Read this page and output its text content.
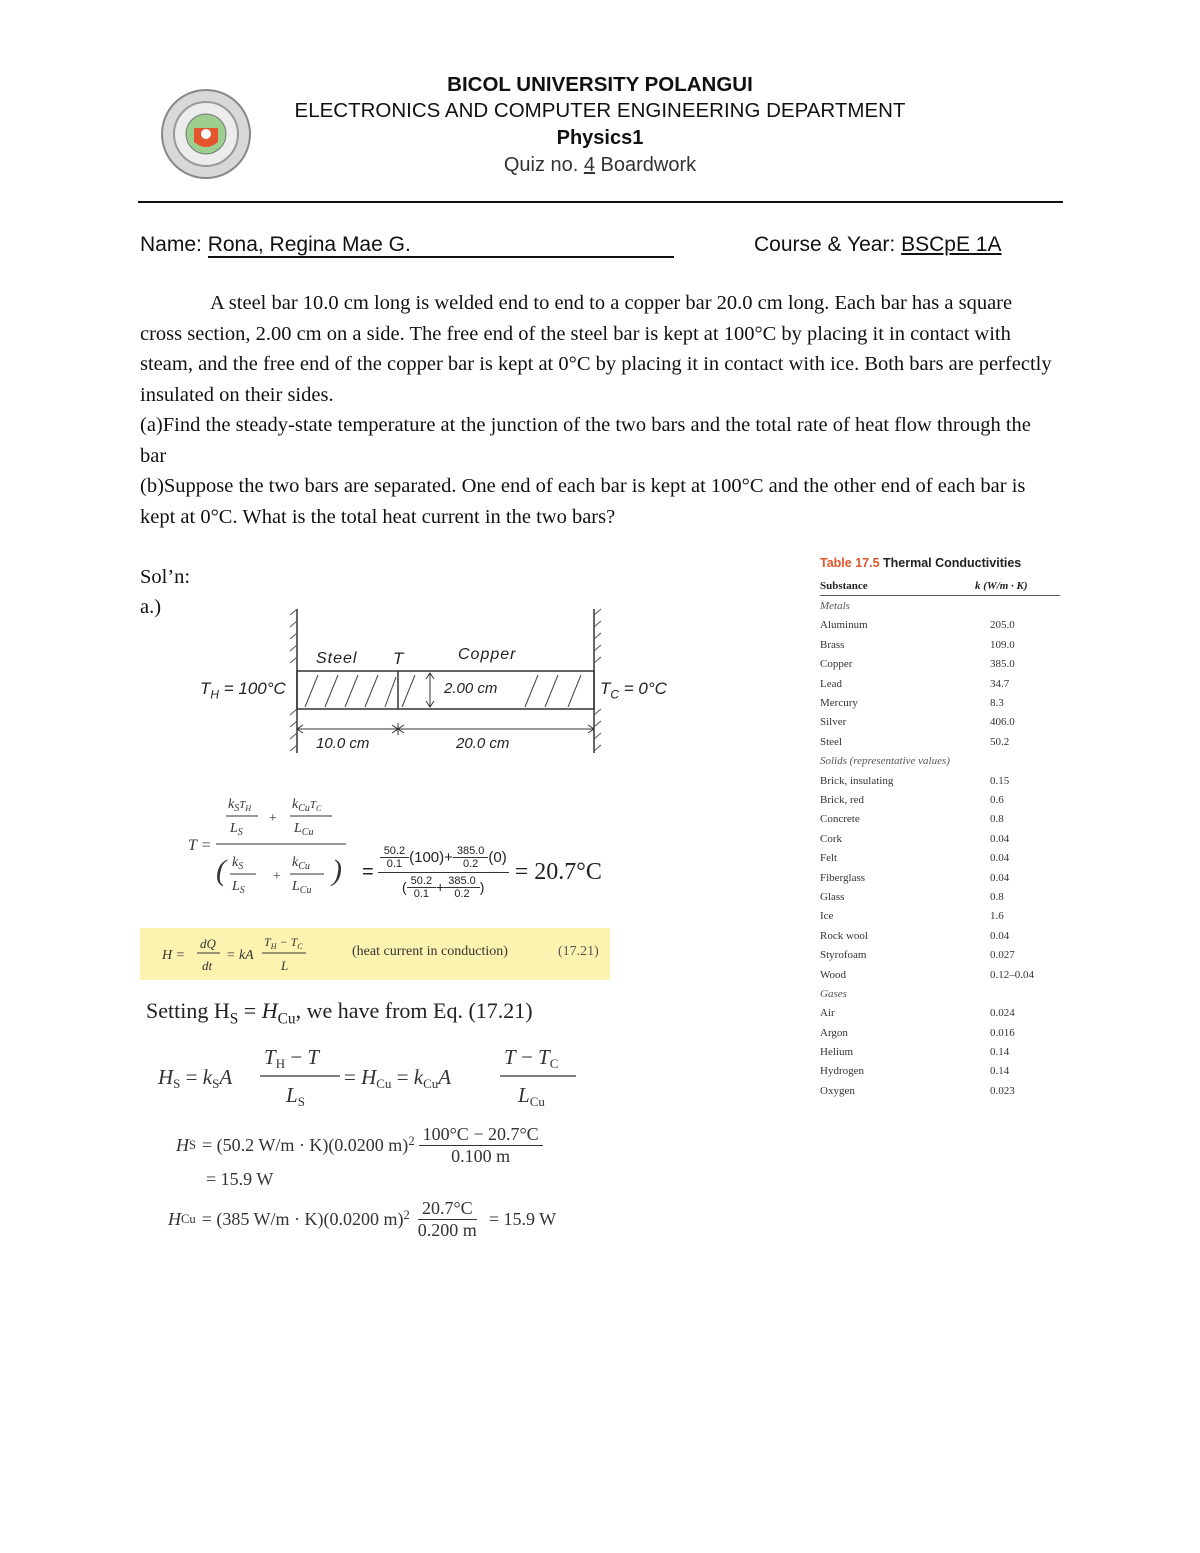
BICOL UNIVERSITY POLANGUI
ELECTRONICS AND COMPUTER ENGINEERING DEPARTMENT
Physics1
Quiz no. 4 Boardwork
Name: Rona, Regina Mae G.	Course & Year: BSCpE 1A
A steel bar 10.0 cm long is welded end to end to a copper bar 20.0 cm long. Each bar has a square cross section, 2.00 cm on a side. The free end of the steel bar is kept at 100°C by placing it in contact with steam, and the free end of the copper bar is kept at 0°C by placing it in contact with ice. Both bars are perfectly insulated on their sides.
(a)Find the steady-state temperature at the junction of the two bars and the total rate of heat flow through the bar
(b)Suppose the two bars are separated. One end of each bar is kept at 100°C and the other end of each bar is kept at 0°C. What is the total heat current in the two bars?
Sol’n:
a.)
Steel T	Copper
$T_H = 100^\circ C$	$T_C = 0^\circ C$
2.00 cm
10.0 cm	20.0 cm
T =
$k_S^T_H$
$L_S$
+
$k_{Cu}^T_C$
$L_{Cu}$
( $k_S$
$L_S$
+
$k_{Cu}$
$L_{Cu}$
) = $\frac{\frac{50.2}{0.1} (100)+ \frac{385.0}{0.2} (0)}{( \frac{50.2}{0.1} + \frac{385.0}{0.2} )} = 20.7^\circ C$
H =
dQ
dt
= kA
$T_H - T_C$
L
(heat current in conduction)	(17.21)
Setting $H_S = H_{Cu}$, we have from Eq. (17.21)
HS = kSA
TH − T
LS
= HCu = kCuA
T − TC
LCu
H S = (50.2 W/m · K)(0.0200 $m)^2 \frac{100^\circ C - 20.7^\circ C}{0.100 m}$
= 15.9 W
H Cu = (385 W/m · K)(0.0200 $m)^2 \frac{20.7^\circ C}{0.200 m} = 15.9$ W
Table 17.5 Thermal Conductivities
Substance	k (W/m · K)
Metals
Aluminum	205.0
Brass	109.0
Copper	385.0
Lead	34.7
Mercury	8.3
Silver	406.0
Steel	50.2
Solids (representative values)
Brick, insulating	0.15
Brick, red	0.6
Concrete	0.8
Cork	0.04
Felt	0.04
Fiberglass	0.04
Glass	0.8
Ice	1.6
Rock wool	0.04
Styrofoam	0.027
Wood	0.12–0.04
Gases
Air	0.024
Argon	0.016
Helium	0.14
Hydrogen	0.14
Oxygen	0.023
